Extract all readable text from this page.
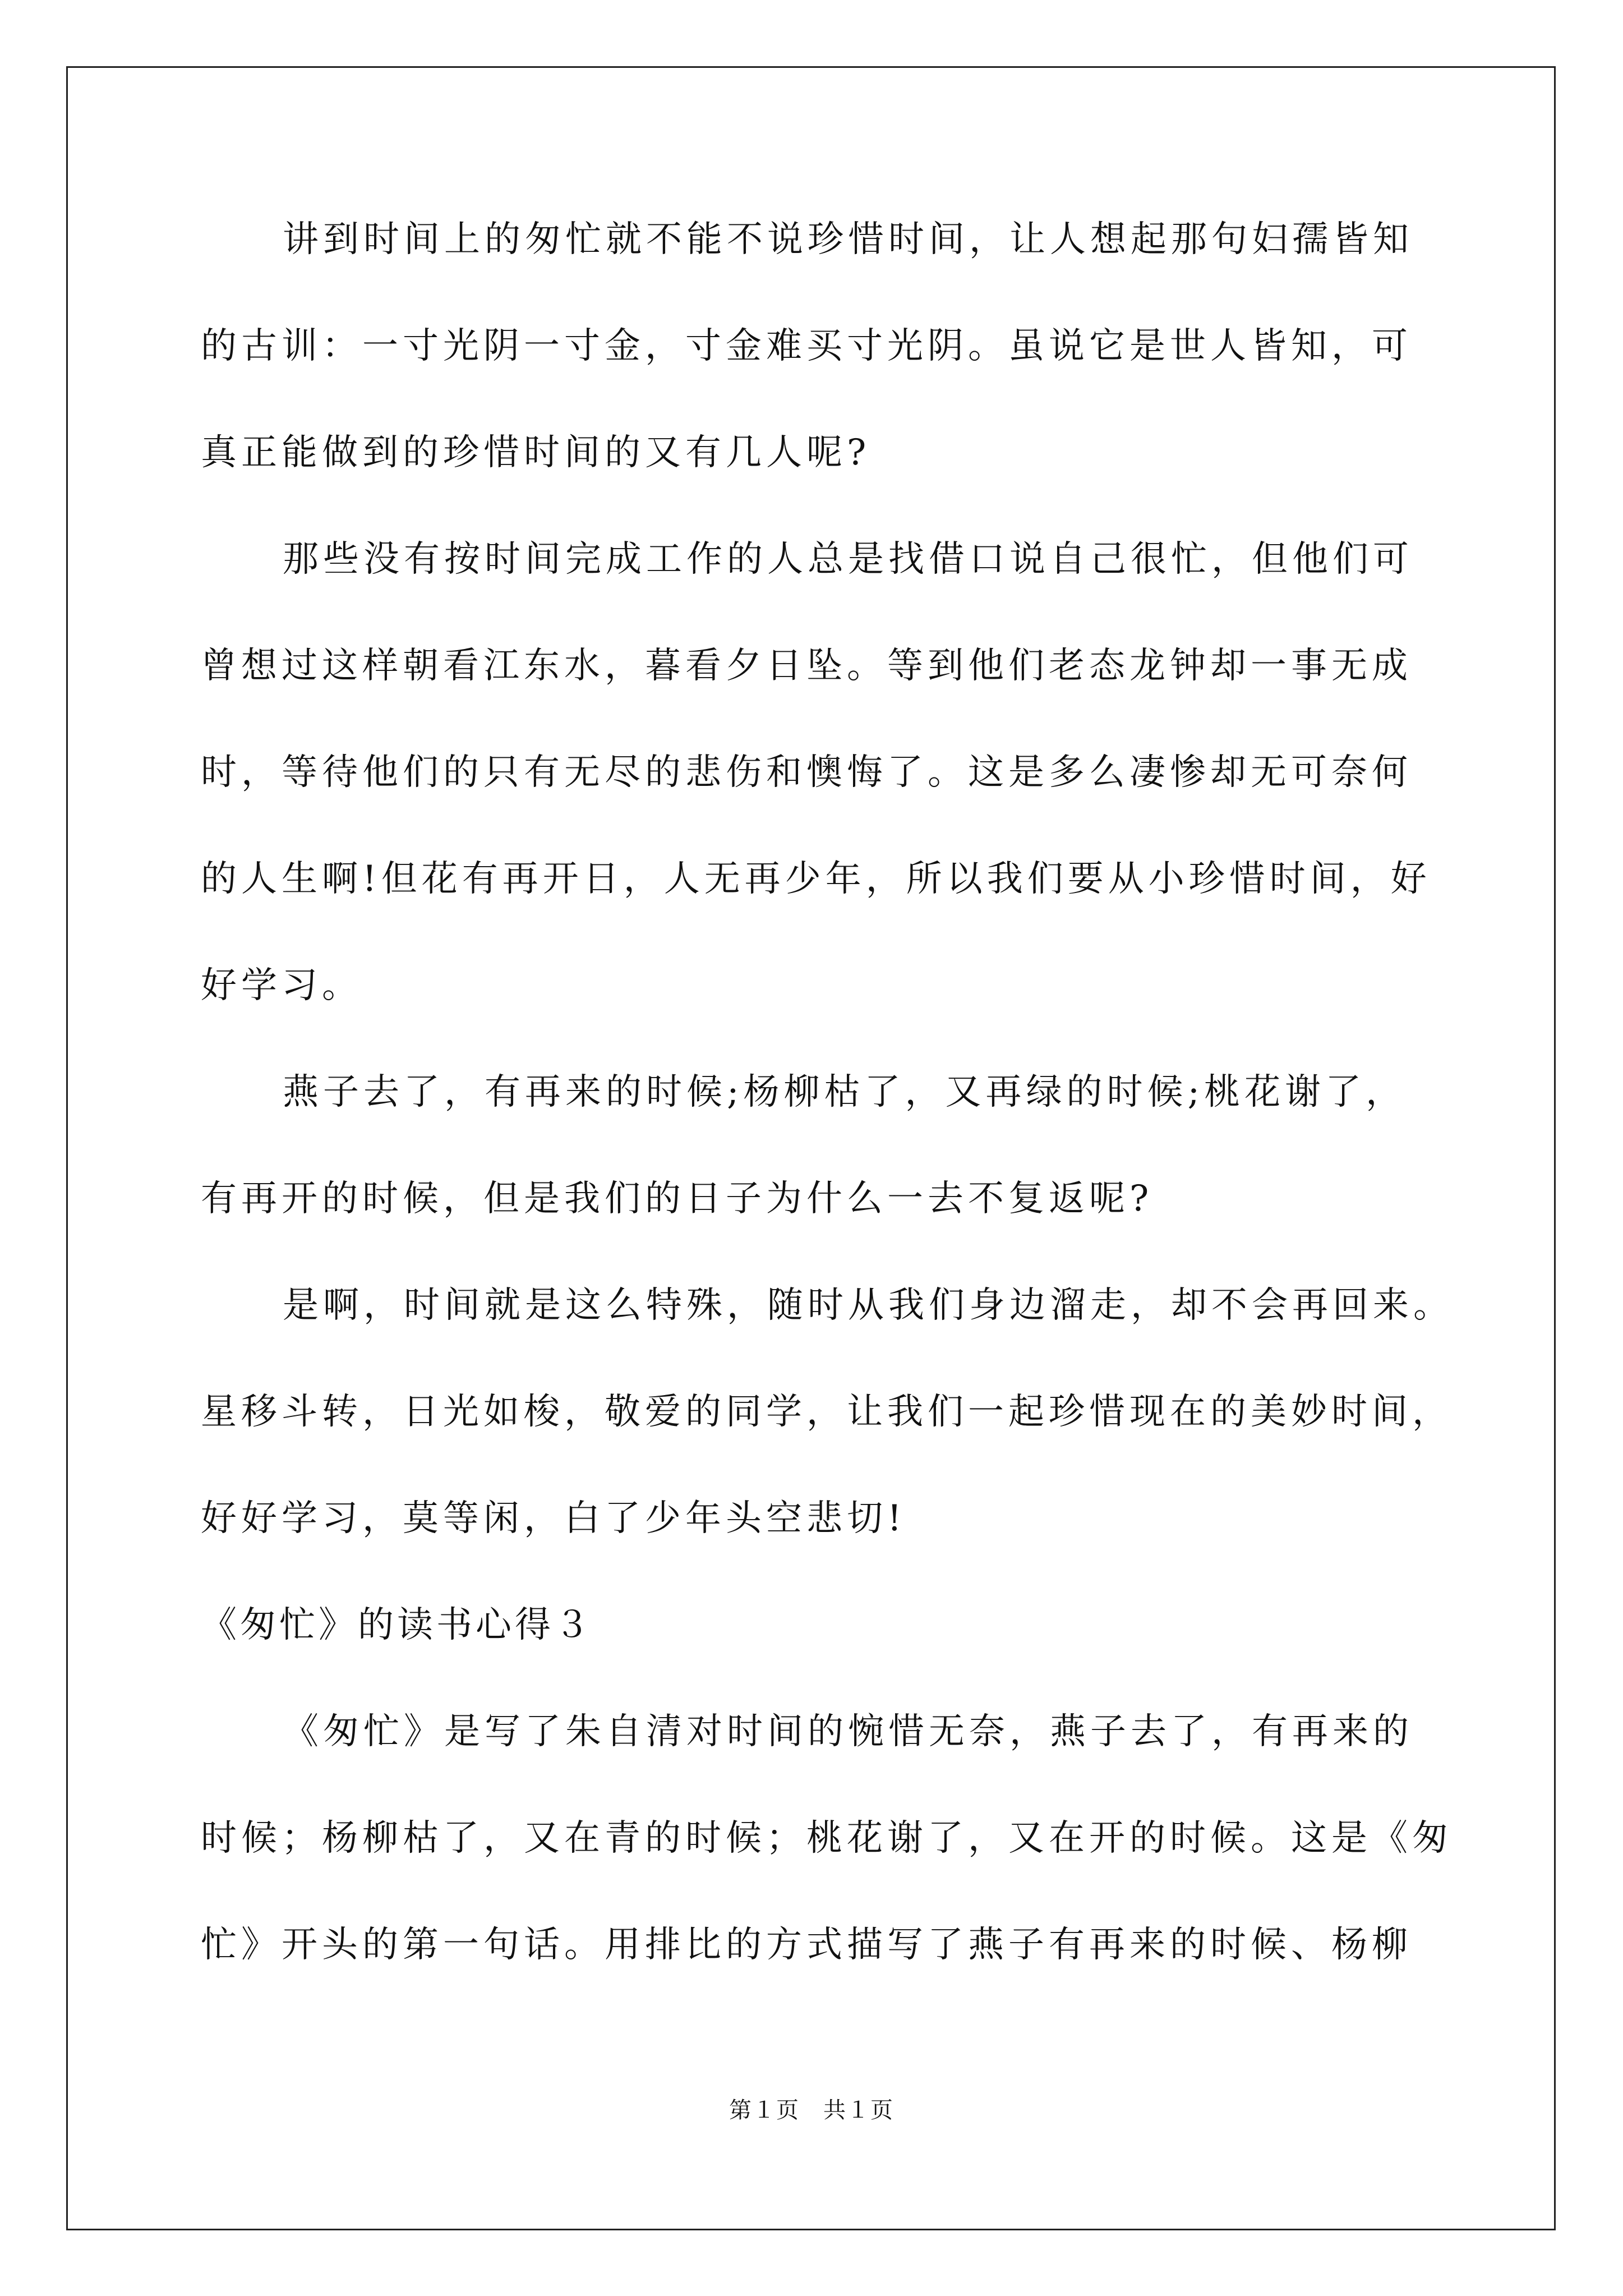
讲到时间上的匆忙就不能不说珍惜时间，让人想起那句妇孺皆知

的古训：一寸光阴一寸金，寸金难买寸光阴。虽说它是世人皆知，可

真正能做到的珍惜时间的又有几人呢?

那些没有按时间完成工作的人总是找借口说自己很忙，但他们可

曾想过这样朝看江东水，暮看夕日坠。等到他们老态龙钟却一事无成

时，等待他们的只有无尽的悲伤和懊悔了。这是多么凄惨却无可奈何

的人生啊!但花有再开日，人无再少年，所以我们要从小珍惜时间，好

好学习。

燕子去了，有再来的时候;杨柳枯了，又再绿的时候;桃花谢了，

有再开的时候，但是我们的日子为什么一去不复返呢?

是啊，时间就是这么特殊，随时从我们身边溜走，却不会再回来。

星移斗转，日光如梭，敬爱的同学，让我们一起珍惜现在的美妙时间，

好好学习，莫等闲，白了少年头空悲切!

《匆忙》的读书心得３

《匆忙》是写了朱自清对时间的惋惜无奈，燕子去了，有再来的

时候；杨柳枯了，又在青的时候；桃花谢了，又在开的时候。这是《匆

忙》开头的第一句话。用排比的方式描写了燕子有再来的时候、杨柳

第１页　共１页
